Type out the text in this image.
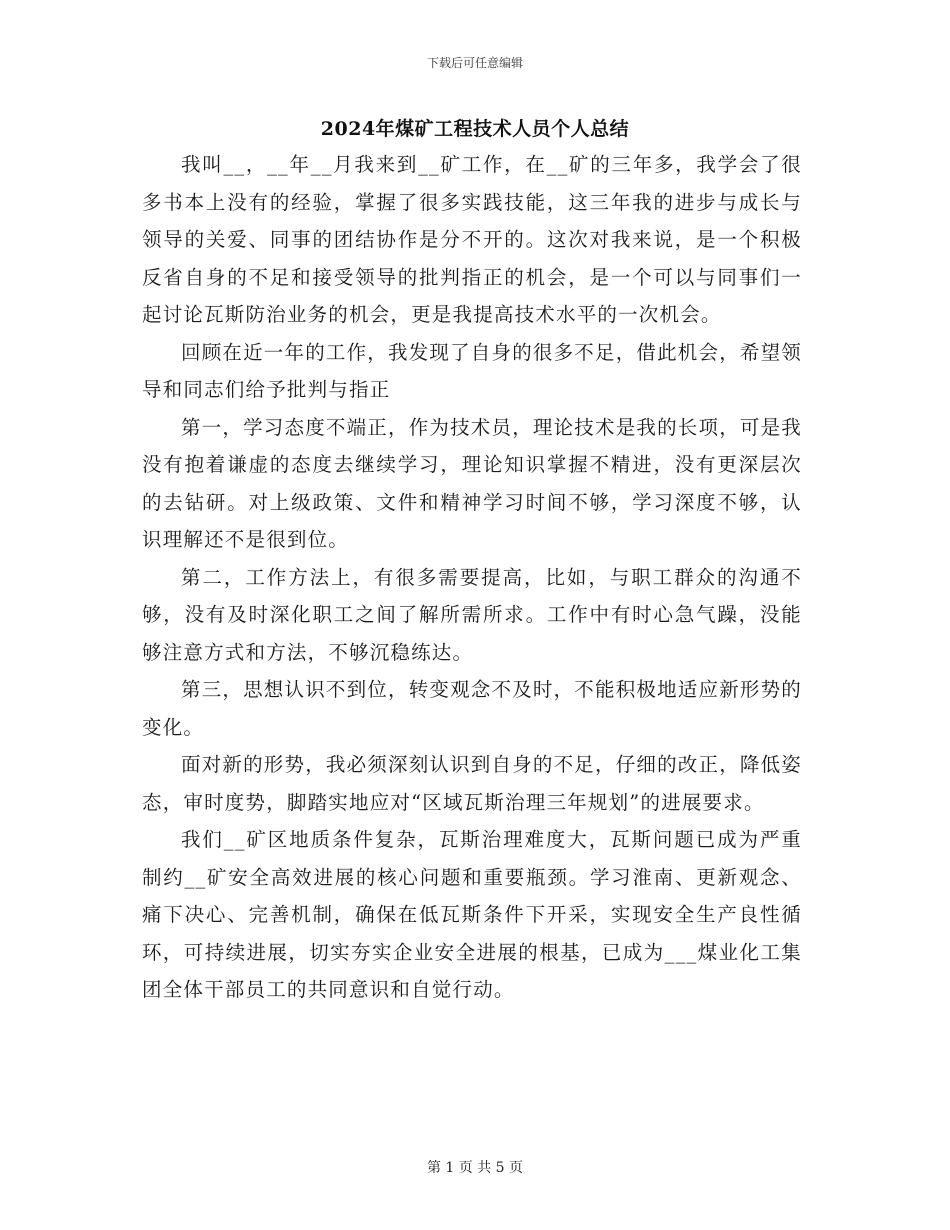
下载后可任意编辑
2024年煤矿工程技术人员个人总结

我叫__，__年__月我来到__矿工作，在__矿的三年多，我学会了很多书本上没有的经验，掌握了很多实践技能，这三年我的进步与成长与领导的关爱、同事的团结协作是分不开的。这次对我来说，是一个积极反省自身的不足和接受领导的批判指正的机会，是一个可以与同事们一起讨论瓦斯防治业务的机会，更是我提高技术水平的一次机会。

回顾在近一年的工作，我发现了自身的很多不足，借此机会，希望领导和同志们给予批判与指正

第一，学习态度不端正，作为技术员，理论技术是我的长项，可是我没有抱着谦虚的态度去继续学习，理论知识掌握不精进，没有更深层次的去钻研。对上级政策、文件和精神学习时间不够，学习深度不够，认识理解还不是很到位。

第二，工作方法上，有很多需要提高，比如，与职工群众的沟通不够，没有及时深化职工之间了解所需所求。工作中有时心急气躁，没能够注意方式和方法，不够沉稳练达。

第三，思想认识不到位，转变观念不及时，不能积极地适应新形势的变化。

面对新的形势，我必须深刻认识到自身的不足，仔细的改正，降低姿态，审时度势，脚踏实地应对“区域瓦斯治理三年规划”的进展要求。

我们__矿区地质条件复杂，瓦斯治理难度大，瓦斯问题已成为严重制约__矿安全高效进展的核心问题和重要瓶颈。学习淮南、更新观念、痛下决心、完善机制，确保在低瓦斯条件下开采，实现安全生产良性循环，可持续进展，切实夯实企业安全进展的根基，已成为___煤业化工集团全体干部员工的共同意识和自觉行动。

第 1 页 共 5 页
